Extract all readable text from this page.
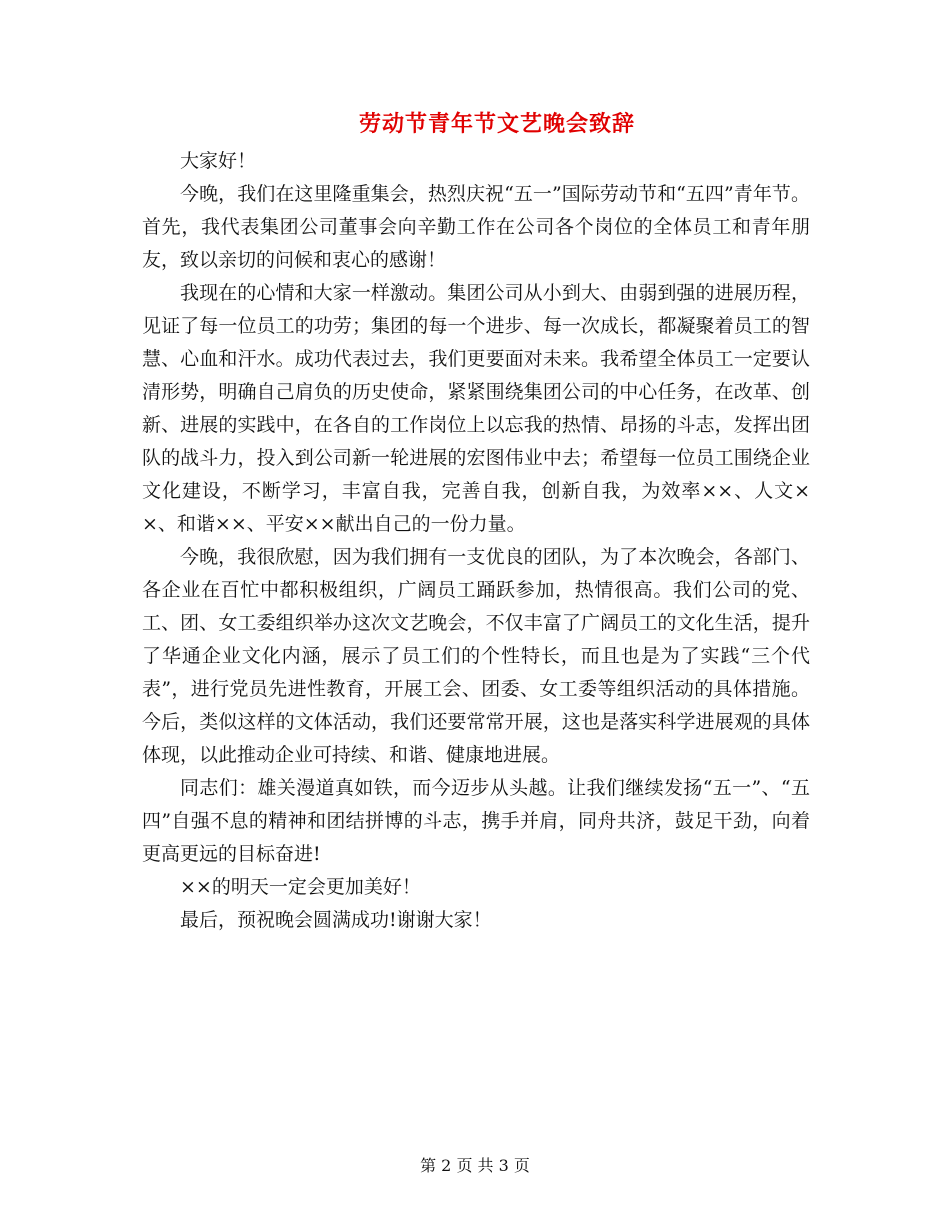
劳动节青年节文艺晚会致辞

大家好！

今晚，我们在这里隆重集会，热烈庆祝“五一”国际劳动节和“五四”青年节。首先，我代表集团公司董事会向辛勤工作在公司各个岗位的全体员工和青年朋友，致以亲切的问候和衷心的感谢！

我现在的心情和大家一样激动。集团公司从小到大、由弱到强的进展历程，见证了每一位员工的功劳；集团的每一个进步、每一次成长，都凝聚着员工的智慧、心血和汗水。成功代表过去，我们更要面对未来。我希望全体员工一定要认清形势，明确自己肩负的历史使命，紧紧围绕集团公司的中心任务，在改革、创新、进展的实践中，在各自的工作岗位上以忘我的热情、昂扬的斗志，发挥出团队的战斗力，投入到公司新一轮进展的宏图伟业中去；希望每一位员工围绕企业文化建设，不断学习，丰富自我，完善自我，创新自我，为效率××、人文××、和谐××、平安××献出自己的一份力量。

今晚，我很欣慰，因为我们拥有一支优良的团队，为了本次晚会，各部门、各企业在百忙中都积极组织，广阔员工踊跃参加，热情很高。我们公司的党、工、团、女工委组织举办这次文艺晚会，不仅丰富了广阔员工的文化生活，提升了华通企业文化内涵，展示了员工们的个性特长，而且也是为了实践“三个代表”，进行党员先进性教育，开展工会、团委、女工委等组织活动的具体措施。今后，类似这样的文体活动，我们还要常常开展，这也是落实科学进展观的具体体现，以此推动企业可持续、和谐、健康地进展。

同志们：雄关漫道真如铁，而今迈步从头越。让我们继续发扬“五一”、“五四”自强不息的精神和团结拼博的斗志，携手并肩，同舟共济，鼓足干劲，向着更高更远的目标奋进!

××的明天一定会更加美好！

最后，预祝晚会圆满成功!谢谢大家！

第 2 页 共 3 页
